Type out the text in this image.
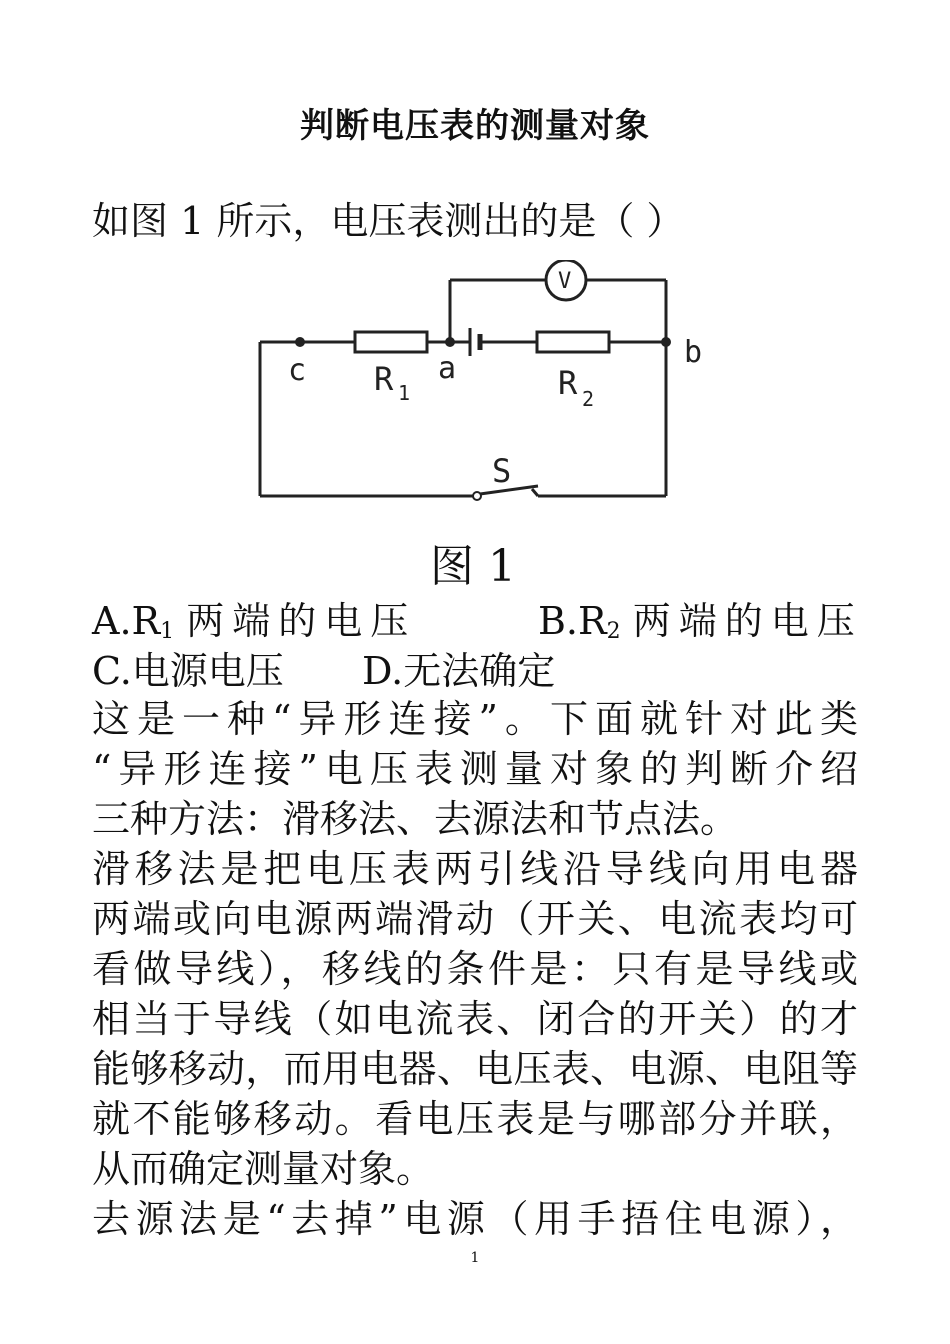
判断电压表的测量对象
如图 1 所示，电压表测出的是（ ）
V
c	a	b
R 1	R 2
S
图 1
$A.R_1$ 两端的电压	$B.R_2$ 两端的电压
C.电源电压 D.无法确定
这是一种“异形连接”。下面就针对此类
“异形连接”电压表测量对象的判断介绍
三种方法：滑移法、去源法和节点法。
滑移法是把电压表两引线沿导线向用电器
两端或向电源两端滑动（开关、电流表均可
看做导线），移线的条件是：只有是导线或
相当于导线（如电流表、闭合的开关）的才
能够移动，而用电器、电压表、电源、电阻等
就不能够移动。看电压表是与哪部分并联，
从而确定测量对象。
去源法是“去掉”电源（用手捂住电源），
1
